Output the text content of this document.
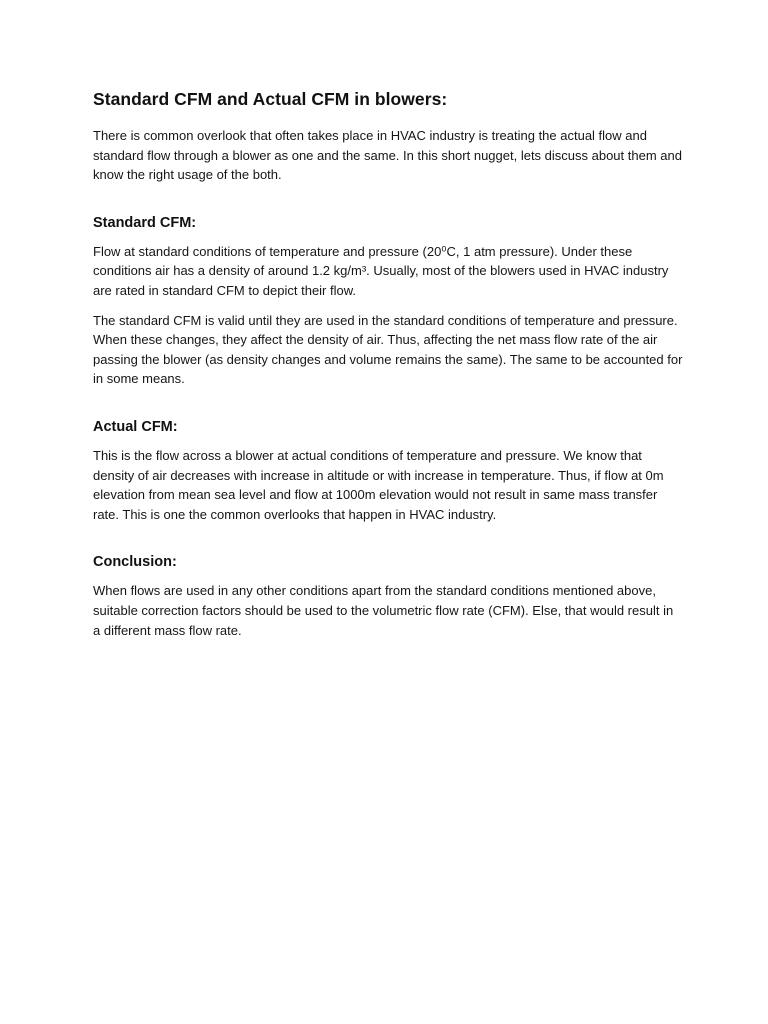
Standard CFM and Actual CFM in blowers:

There is common overlook that often takes place in HVAC industry is treating the actual flow and standard flow through a blower as one and the same. In this short nugget, lets discuss about them and know the right usage of the both.

Standard CFM:

Flow at standard conditions of temperature and pressure (20⁰C, 1 atm pressure). Under these conditions air has a density of around 1.2 kg/m³. Usually, most of the blowers used in HVAC industry are rated in standard CFM to depict their flow.

The standard CFM is valid until they are used in the standard conditions of temperature and pressure. When these changes, they affect the density of air. Thus, affecting the net mass flow rate of the air passing the blower (as density changes and volume remains the same). The same to be accounted for in some means.

Actual CFM:

This is the flow across a blower at actual conditions of temperature and pressure. We know that density of air decreases with increase in altitude or with increase in temperature. Thus, if flow at 0m elevation from mean sea level and flow at 1000m elevation would not result in same mass transfer rate. This is one the common overlooks that happen in HVAC industry.

Conclusion:

When flows are used in any other conditions apart from the standard conditions mentioned above, suitable correction factors should be used to the volumetric flow rate (CFM). Else, that would result in a different mass flow rate.
